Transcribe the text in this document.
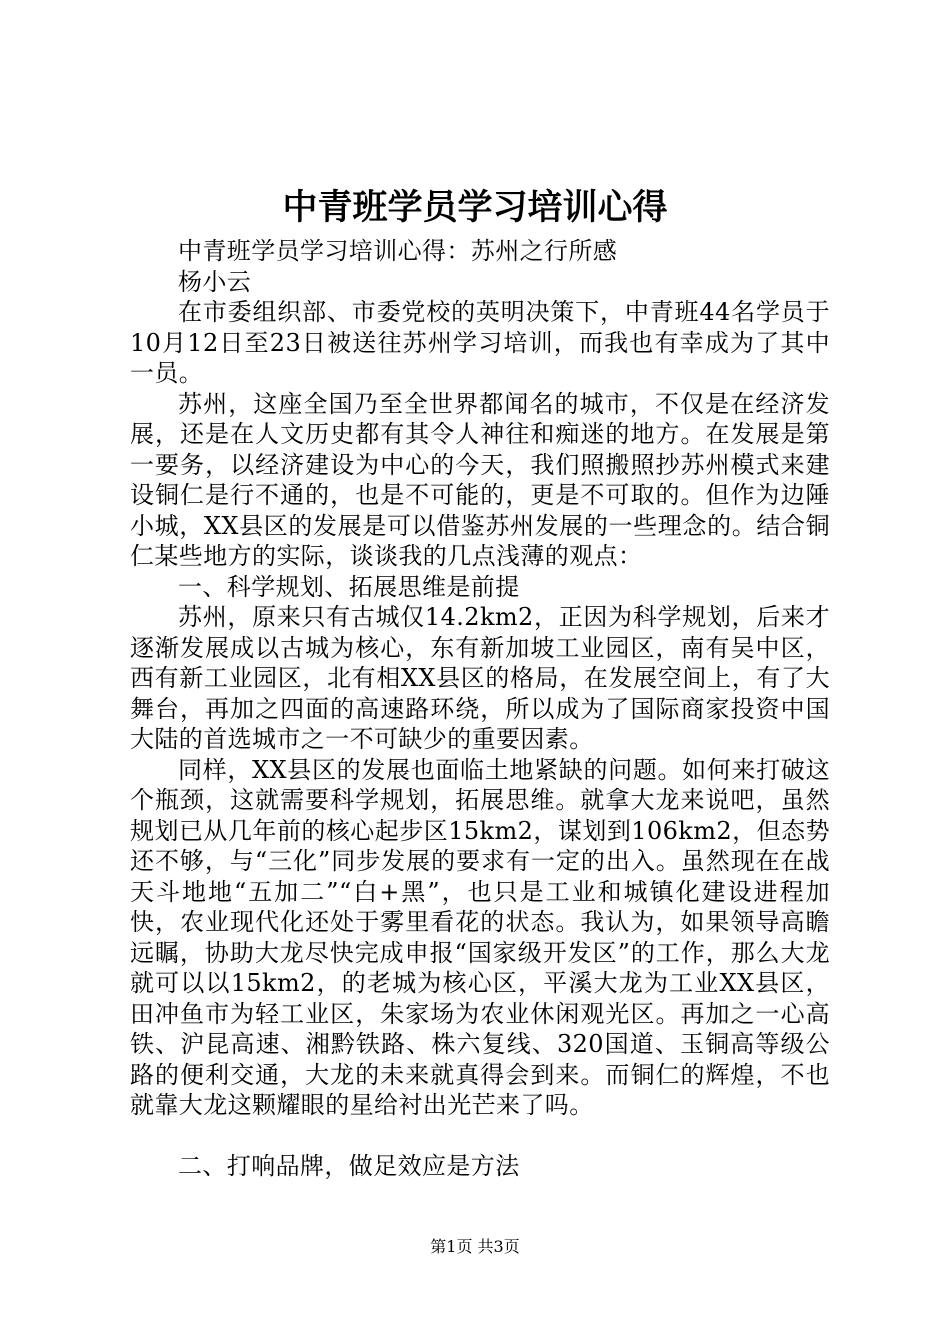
中青班学员学习培训心得

中青班学员学习培训心得：苏州之行所感

杨小云

在市委组织部、市委党校的英明决策下，中青班44名学员于10月12日至23日被送往苏州学习培训，而我也有幸成为了其中一员。

苏州，这座全国乃至全世界都闻名的城市，不仅是在经济发展，还是在人文历史都有其令人神往和痴迷的地方。在发展是第一要务，以经济建设为中心的今天，我们照搬照抄苏州模式来建设铜仁是行不通的，也是不可能的，更是不可取的。但作为边陲小城，XX县区的发展是可以借鉴苏州发展的一些理念的。结合铜仁某些地方的实际，谈谈我的几点浅薄的观点：

一、科学规划、拓展思维是前提

苏州，原来只有古城仅14.2km2，正因为科学规划，后来才逐渐发展成以古城为核心，东有新加坡工业园区，南有吴中区，西有新工业园区，北有相XX县区的格局，在发展空间上，有了大舞台，再加之四面的高速路环绕，所以成为了国际商家投资中国大陆的首选城市之一不可缺少的重要因素。

同样，XX县区的发展也面临土地紧缺的问题。如何来打破这个瓶颈，这就需要科学规划，拓展思维。就拿大龙来说吧，虽然规划已从几年前的核心起步区15km2，谋划到106km2，但态势还不够，与“三化”同步发展的要求有一定的出入。虽然现在在战天斗地地“五加二”“白+黑”，也只是工业和城镇化建设进程加快，农业现代化还处于雾里看花的状态。我认为，如果领导高瞻远瞩，协助大龙尽快完成申报“国家级开发区”的工作，那么大龙就可以以15km2，的老城为核心区，平溪大龙为工业XX县区，田冲鱼市为轻工业区，朱家场为农业休闲观光区。再加之一心高铁、沪昆高速、湘黔铁路、株六复线、320国道、玉铜高等级公路的便利交通，大龙的未来就真得会到来。而铜仁的辉煌，不也就靠大龙这颗耀眼的星给衬出光芒来了吗。

二、打响品牌，做足效应是方法

第1页 共3页
